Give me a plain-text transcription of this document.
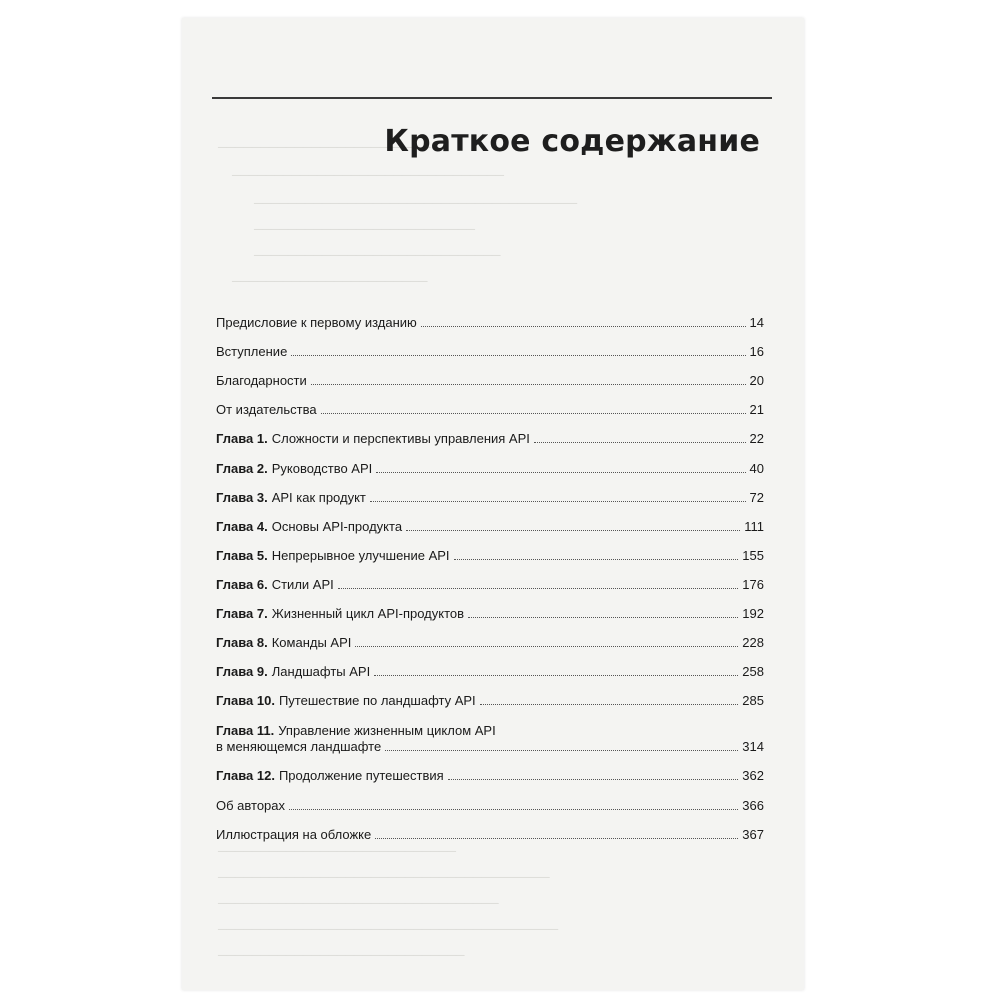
─────────────────────────
────────────────────────────────
──────────────────────────────────────
──────────────────────────
─────────────────────────────
───────────────────────
────────────────────────────
───────────────────────────────────────
─────────────────────────────────
────────────────────────────────────────
─────────────────────────────
Краткое содержание
Предисловие к первому изданию	14
Вступление	16
Благодарности	20
От издательства	21
Глава 1. Сложности и перспективы управления API	22
Глава 2. Руководство API	40
Глава 3. API как продукт	72
Глава 4. Основы API-продукта	111
Глава 5. Непрерывное улучшение API	155
Глава 6. Стили API	176
Глава 7. Жизненный цикл API-продуктов	192
Глава 8. Команды API	228
Глава 9. Ландшафты API	258
Глава 10. Путешествие по ландшафту API	285
Глава 11. Управление жизненным циклом API
в меняющемся ландшафте	314
Глава 12. Продолжение путешествия	362
Об авторах	366
Иллюстрация на обложке	367
